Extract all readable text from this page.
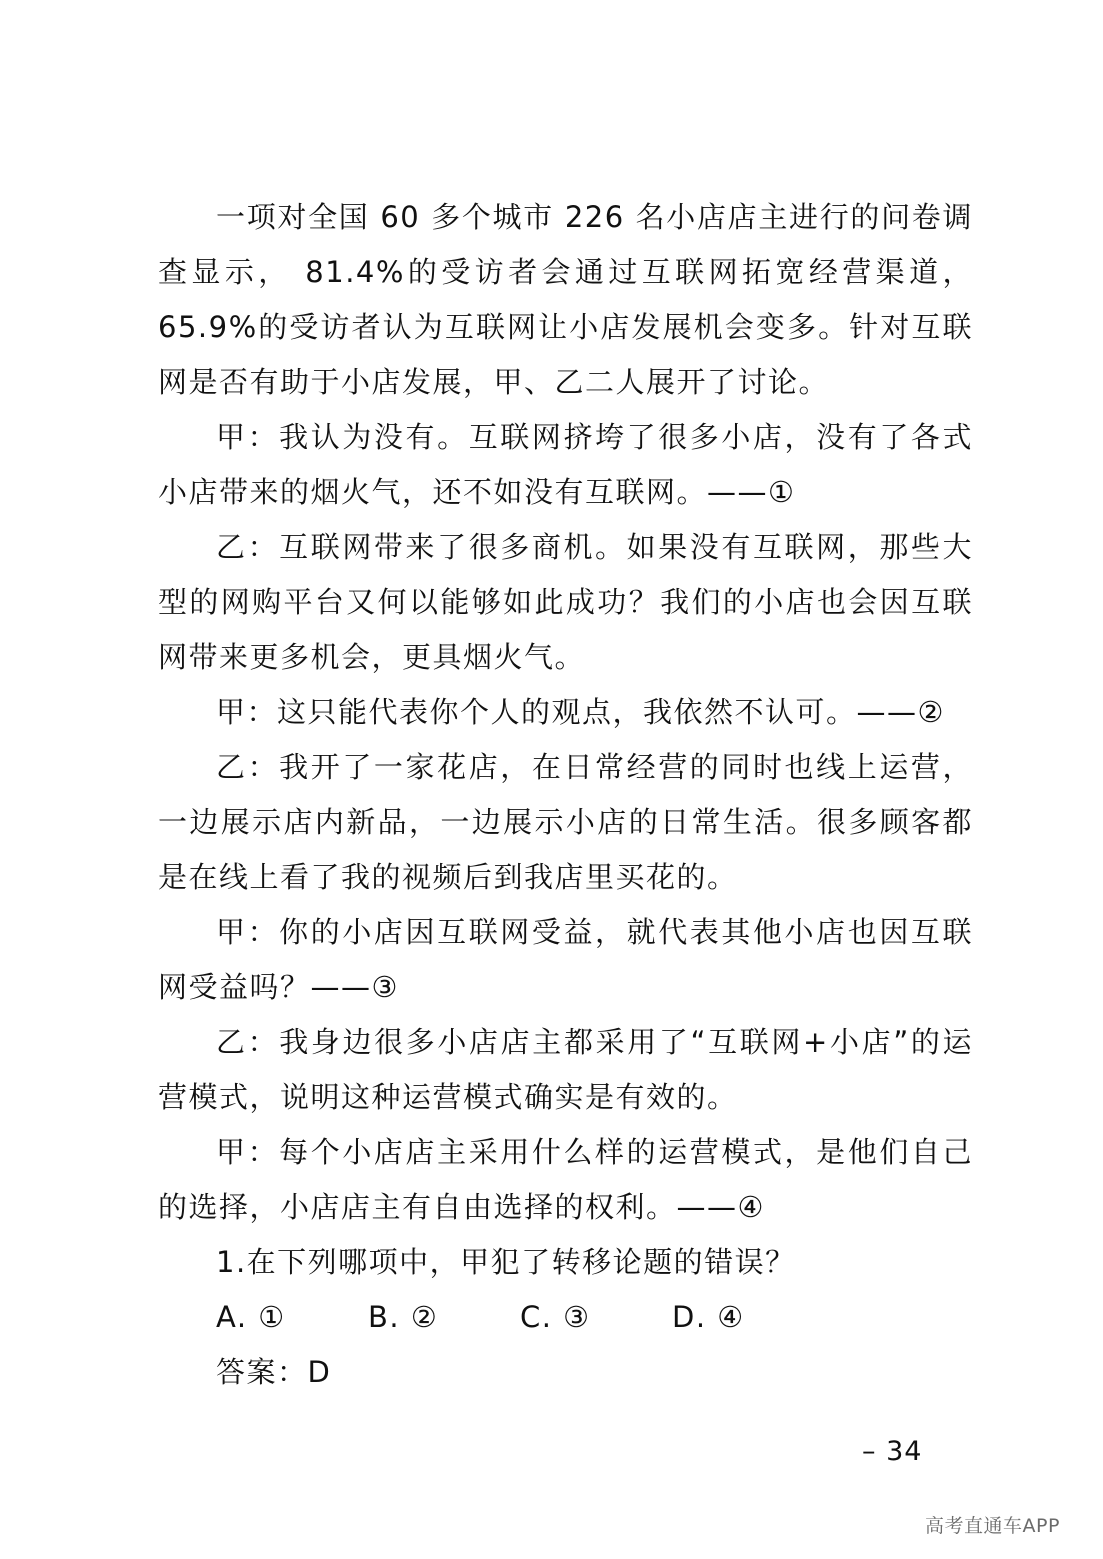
一项对全国 60 多个城市 226 名小店店主进行的问卷调查显示， 81.4%的受访者会通过互联网拓宽经营渠道，65.9%的受访者认为互联网让小店发展机会变多。针对互联网是否有助于小店发展，甲、乙二人展开了讨论。

甲：我认为没有。互联网挤垮了很多小店，没有了各式小店带来的烟火气，还不如没有互联网。——①

乙：互联网带来了很多商机。如果没有互联网，那些大型的网购平台又何以能够如此成功？我们的小店也会因互联网带来更多机会，更具烟火气。

甲：这只能代表你个人的观点，我依然不认可。——②

乙：我开了一家花店，在日常经营的同时也线上运营，一边展示店内新品，一边展示小店的日常生活。很多顾客都是在线上看了我的视频后到我店里买花的。

甲：你的小店因互联网受益，就代表其他小店也因互联网受益吗？——③

乙：我身边很多小店店主都采用了“互联网+小店”的运营模式，说明这种运营模式确实是有效的。

甲：每个小店店主采用什么样的运营模式，是他们自己的选择，小店店主有自由选择的权利。——④

1.在下列哪项中，甲犯了转移论题的错误？

A. ①	B. ②	C. ③	D. ④

答案：D

– 34
高考直通车APP
